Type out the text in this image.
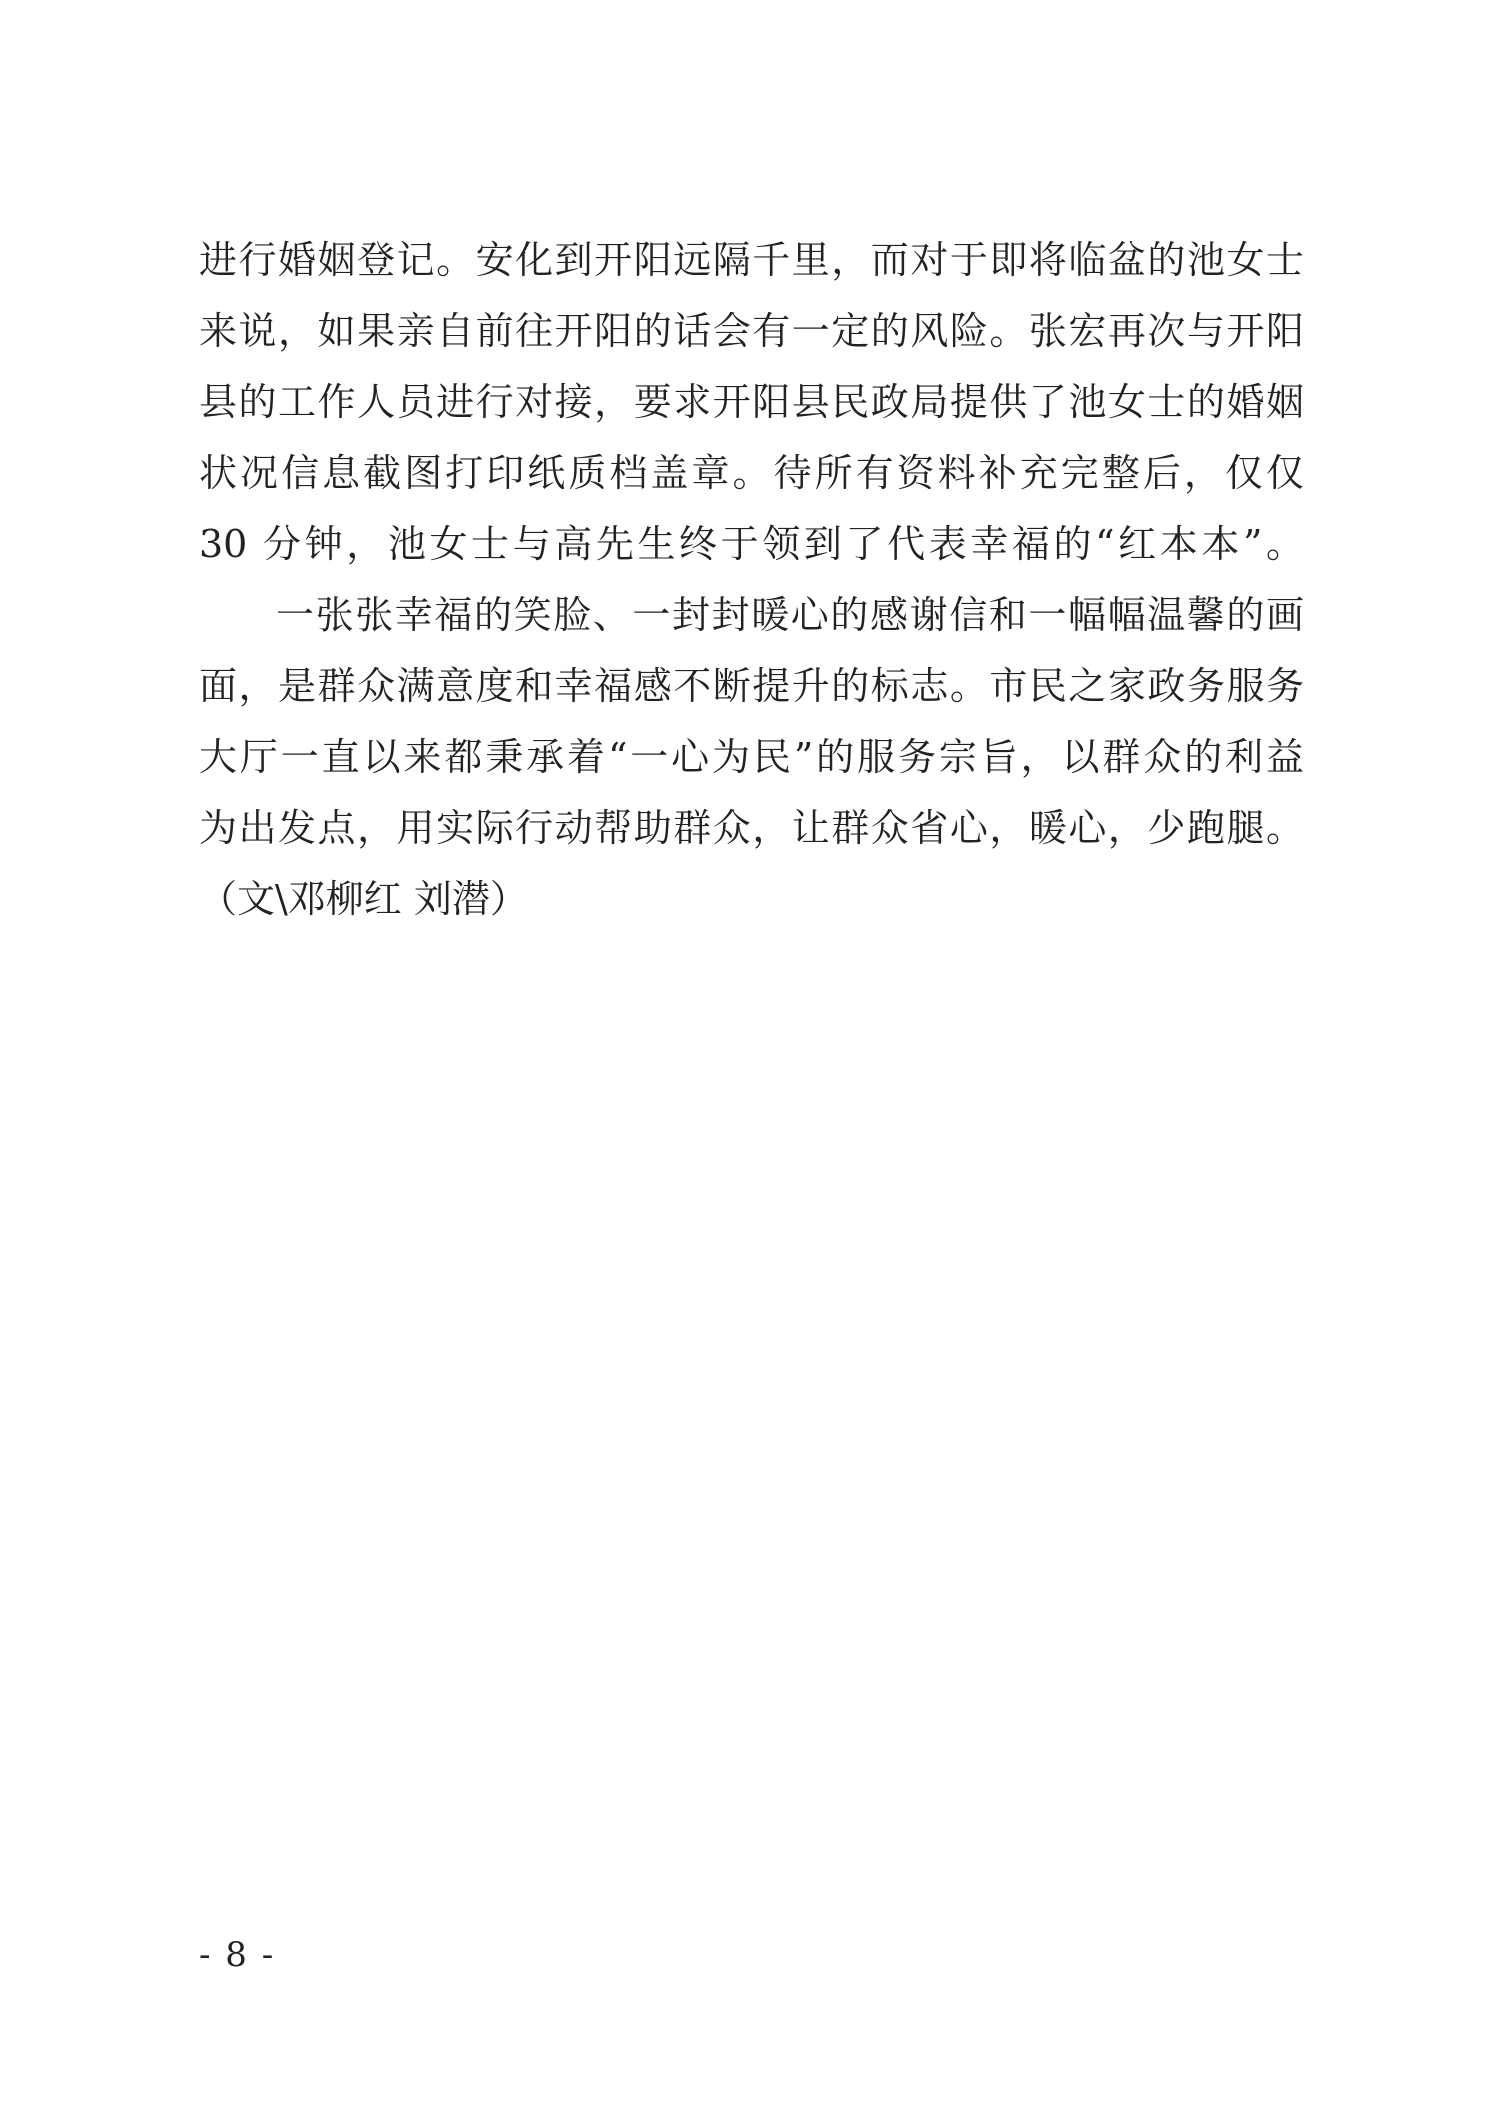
进行婚姻登记。安化到开阳远隔千里，而对于即将临盆的池女士
来说，如果亲自前往开阳的话会有一定的风险。张宏再次与开阳
县的工作人员进行对接，要求开阳县民政局提供了池女士的婚姻
状况信息截图打印纸质档盖章。待所有资料补充完整后，仅仅
30 分钟，池女士与高先生终于领到了代表幸福的“红本本”。
一张张幸福的笑脸、一封封暖心的感谢信和一幅幅温馨的画
面，是群众满意度和幸福感不断提升的标志。市民之家政务服务
大厅一直以来都秉承着“一心为民”的服务宗旨，以群众的利益
为出发点，用实际行动帮助群众，让群众省心，暖心，少跑腿。
（文\邓柳红 刘潜）
- 8 -
